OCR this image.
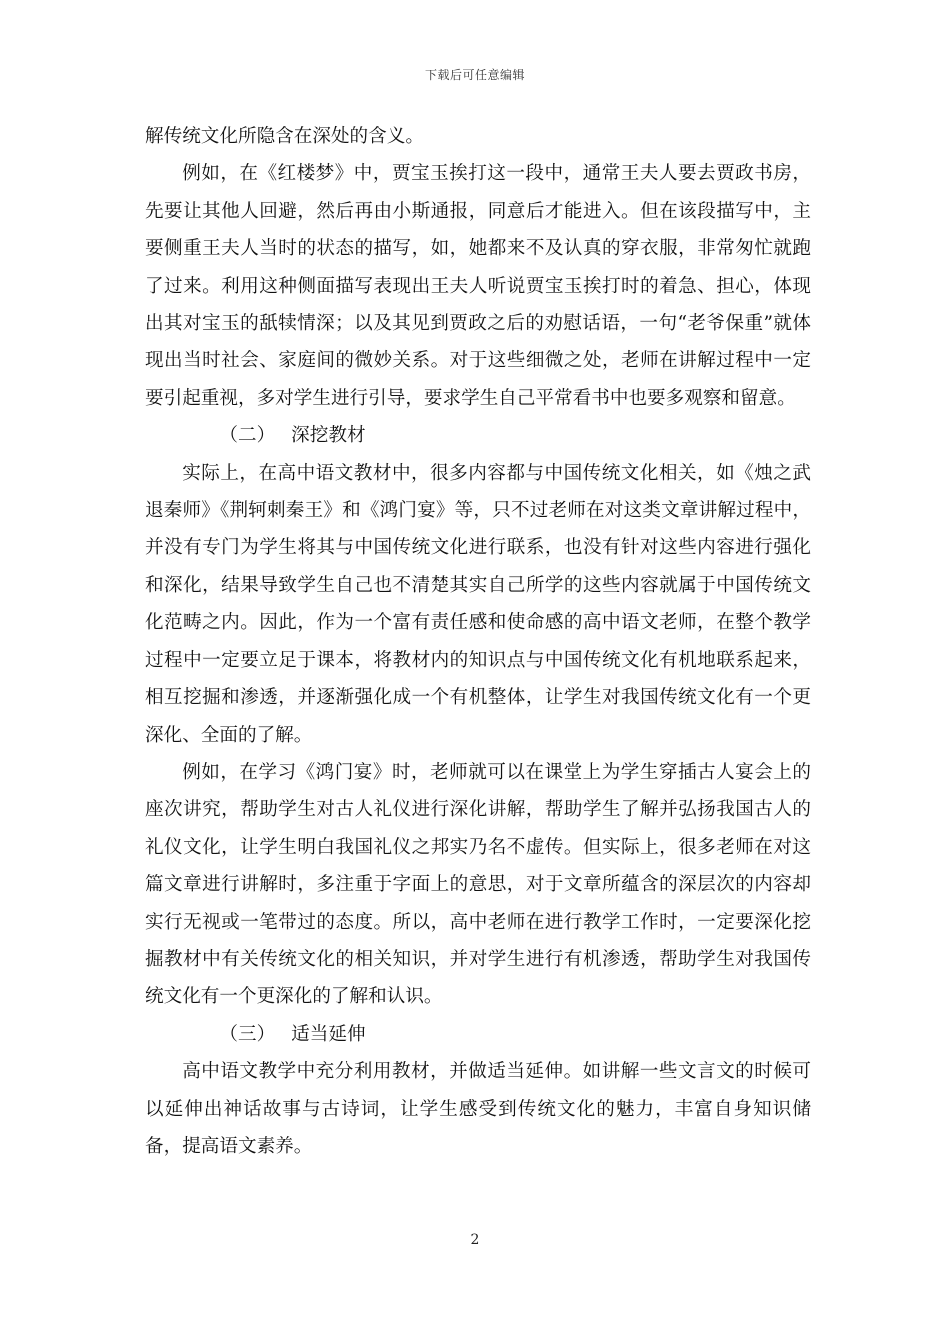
下载后可任意编辑

解传统文化所隐含在深处的含义。

例如，在《红楼梦》中，贾宝玉挨打这一段中，通常王夫人要去贾政书房，先要让其他人回避，然后再由小斯通报，同意后才能进入。但在该段描写中，主要侧重王夫人当时的状态的描写，如，她都来不及认真的穿衣服，非常匆忙就跑了过来。利用这种侧面描写表现出王夫人听说贾宝玉挨打时的着急、担心，体现出其对宝玉的舐犊情深；以及其见到贾政之后的劝慰话语，一句“老爷保重”就体现出当时社会、家庭间的微妙关系。对于这些细微之处，老师在讲解过程中一定要引起重视，多对学生进行引导，要求学生自己平常看书中也要多观察和留意。

（二） 深挖教材

实际上，在高中语文教材中，很多内容都与中国传统文化相关，如《烛之武退秦师》《荆轲刺秦王》和《鸿门宴》等，只不过老师在对这类文章讲解过程中，并没有专门为学生将其与中国传统文化进行联系，也没有针对这些内容进行强化和深化，结果导致学生自己也不清楚其实自己所学的这些内容就属于中国传统文化范畴之内。因此，作为一个富有责任感和使命感的高中语文老师，在整个教学过程中一定要立足于课本，将教材内的知识点与中国传统文化有机地联系起来，相互挖掘和渗透，并逐渐强化成一个有机整体，让学生对我国传统文化有一个更深化、全面的了解。

例如，在学习《鸿门宴》时，老师就可以在课堂上为学生穿插古人宴会上的座次讲究，帮助学生对古人礼仪进行深化讲解，帮助学生了解并弘扬我国古人的礼仪文化，让学生明白我国礼仪之邦实乃名不虚传。但实际上，很多老师在对这篇文章进行讲解时，多注重于字面上的意思，对于文章所蕴含的深层次的内容却实行无视或一笔带过的态度。所以，高中老师在进行教学工作时，一定要深化挖掘教材中有关传统文化的相关知识，并对学生进行有机渗透，帮助学生对我国传统文化有一个更深化的了解和认识。

（三） 适当延伸

高中语文教学中充分利用教材，并做适当延伸。如讲解一些文言文的时候可以延伸出神话故事与古诗词，让学生感受到传统文化的魅力，丰富自身知识储备，提高语文素养。

2
